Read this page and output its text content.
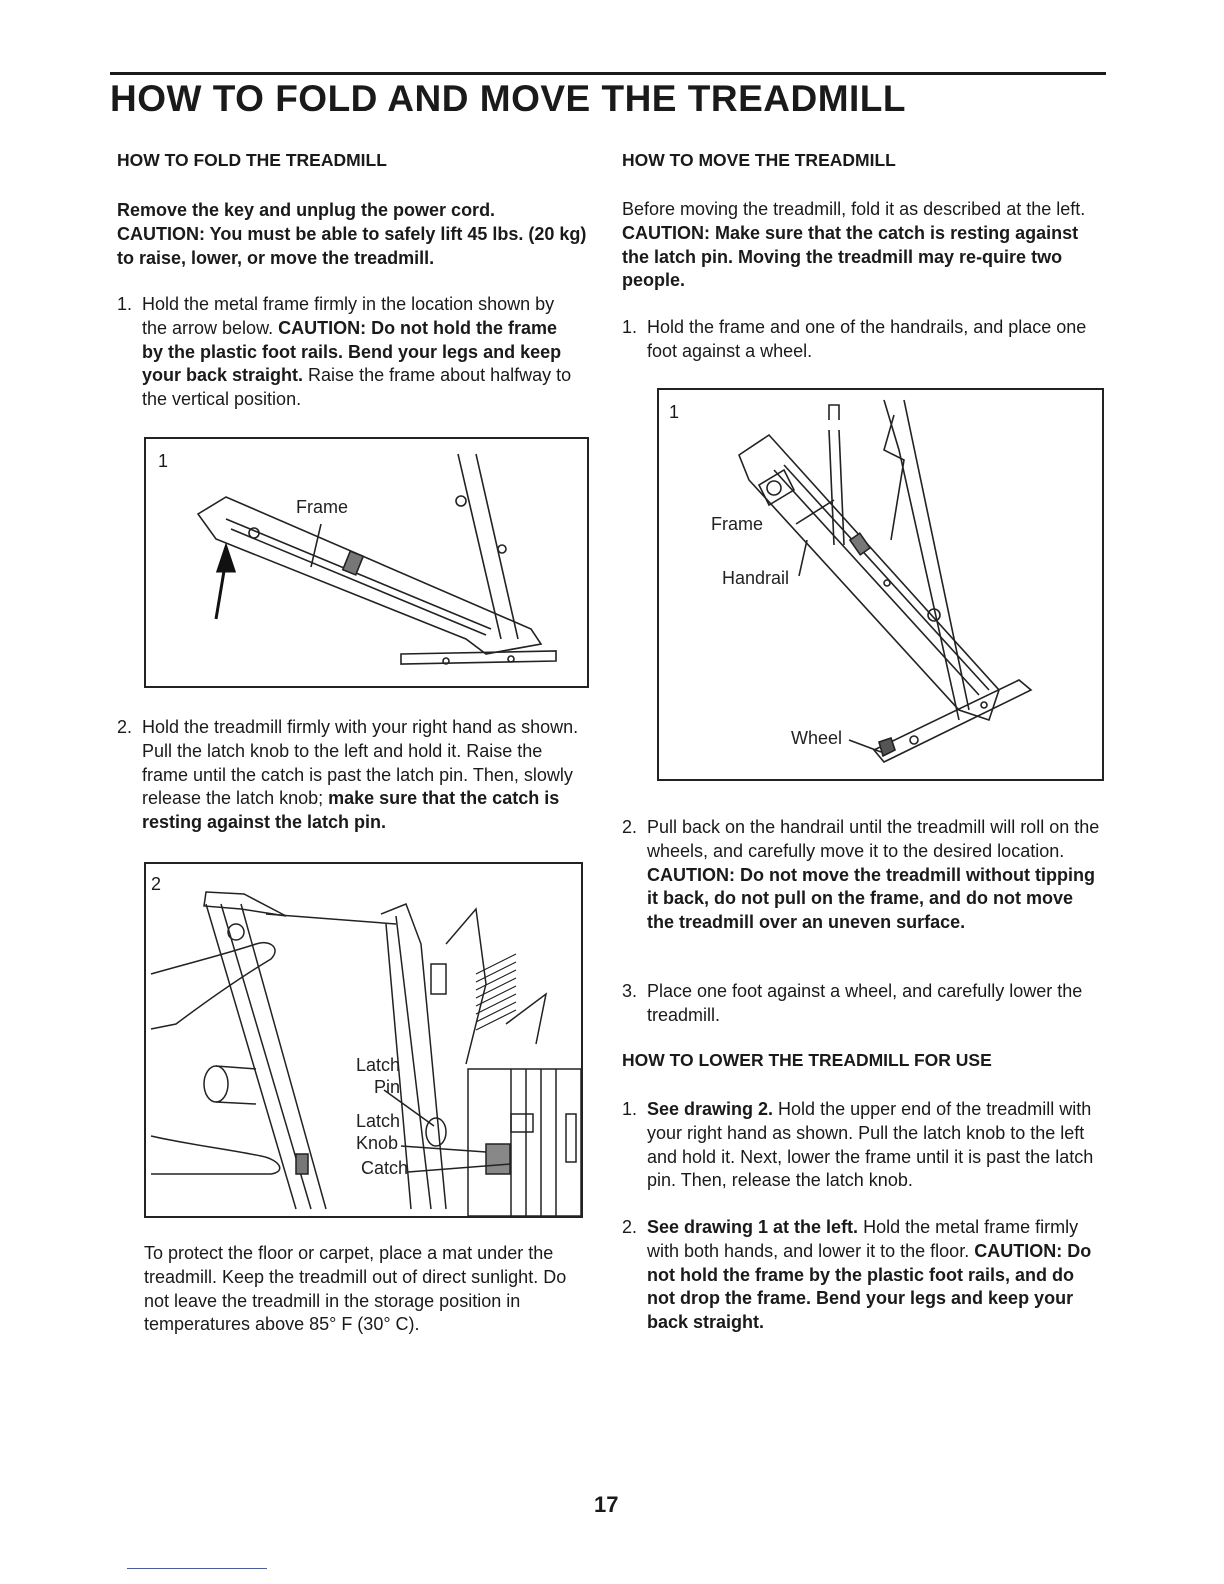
HOW TO FOLD AND MOVE THE TREADMILL
HOW TO FOLD THE TREADMILL

Remove the key and unplug the power cord.
CAUTION: You must be able to safely lift 45 lbs. (20 kg) to raise, lower, or move the treadmill.

1. Hold the metal frame firmly in the location shown by the arrow below. CAUTION: Do not hold the frame by the plastic foot rails. Bend your legs and keep your back straight. Raise the frame about halfway to the vertical position.
1
Frame
2. Hold the treadmill firmly with your right hand as shown. Pull the latch knob to the left and hold it. Raise the frame until the catch is past the latch pin. Then, slowly release the latch knob; make sure that the catch is resting against the latch pin.
2
Latch
Pin
Latch
Knob
Catch

To protect the floor or carpet, place a mat under the treadmill. Keep the treadmill out of direct sunlight. Do not leave the treadmill in the storage position in temperatures above 85° F (30° C).

HOW TO MOVE THE TREADMILL

Before moving the treadmill, fold it as described at the left. CAUTION: Make sure that the catch is resting against the latch pin. Moving the treadmill may re-quire two people.

1. Hold the frame and one of the handrails, and place one foot against a wheel.
1
Frame
Handrail
Wheel
2. Pull back on the handrail until the treadmill will roll on the wheels, and carefully move it to the desired location. CAUTION: Do not move the treadmill without tipping it back, do not pull on the frame, and do not move the treadmill over an uneven surface.
3. Place one foot against a wheel, and carefully lower the treadmill.
HOW TO LOWER THE TREADMILL FOR USE
1. See drawing 2. Hold the upper end of the treadmill with your right hand as shown. Pull the latch knob to the left and hold it. Next, lower the frame until it is past the latch pin. Then, release the latch knob.
2. See drawing 1 at the left. Hold the metal frame firmly with both hands, and lower it to the floor. CAUTION: Do not hold the frame by the plastic foot rails, and do not drop the frame. Bend your legs and keep your back straight.
17
